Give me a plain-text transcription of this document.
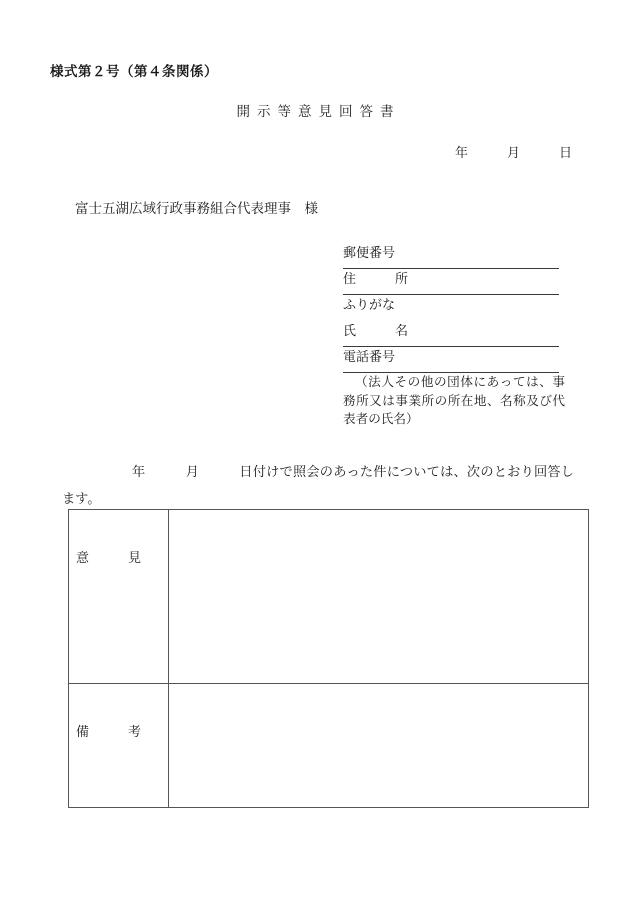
様式第２号（第４条関係）
開示等意見回答書
年　　　月　　　日
富士五湖広域行政事務組合代表理事　様
郵便番号
住　　　所
ふりがな
氏　　　名
電話番号
（法人その他の団体にあっては、事務所又は事業所の所在地、名称及び代表者の氏名）
年　　　月　　　日付けで照会のあった件については、次のとおり回答します。

意　　　見	

備　　　考	
